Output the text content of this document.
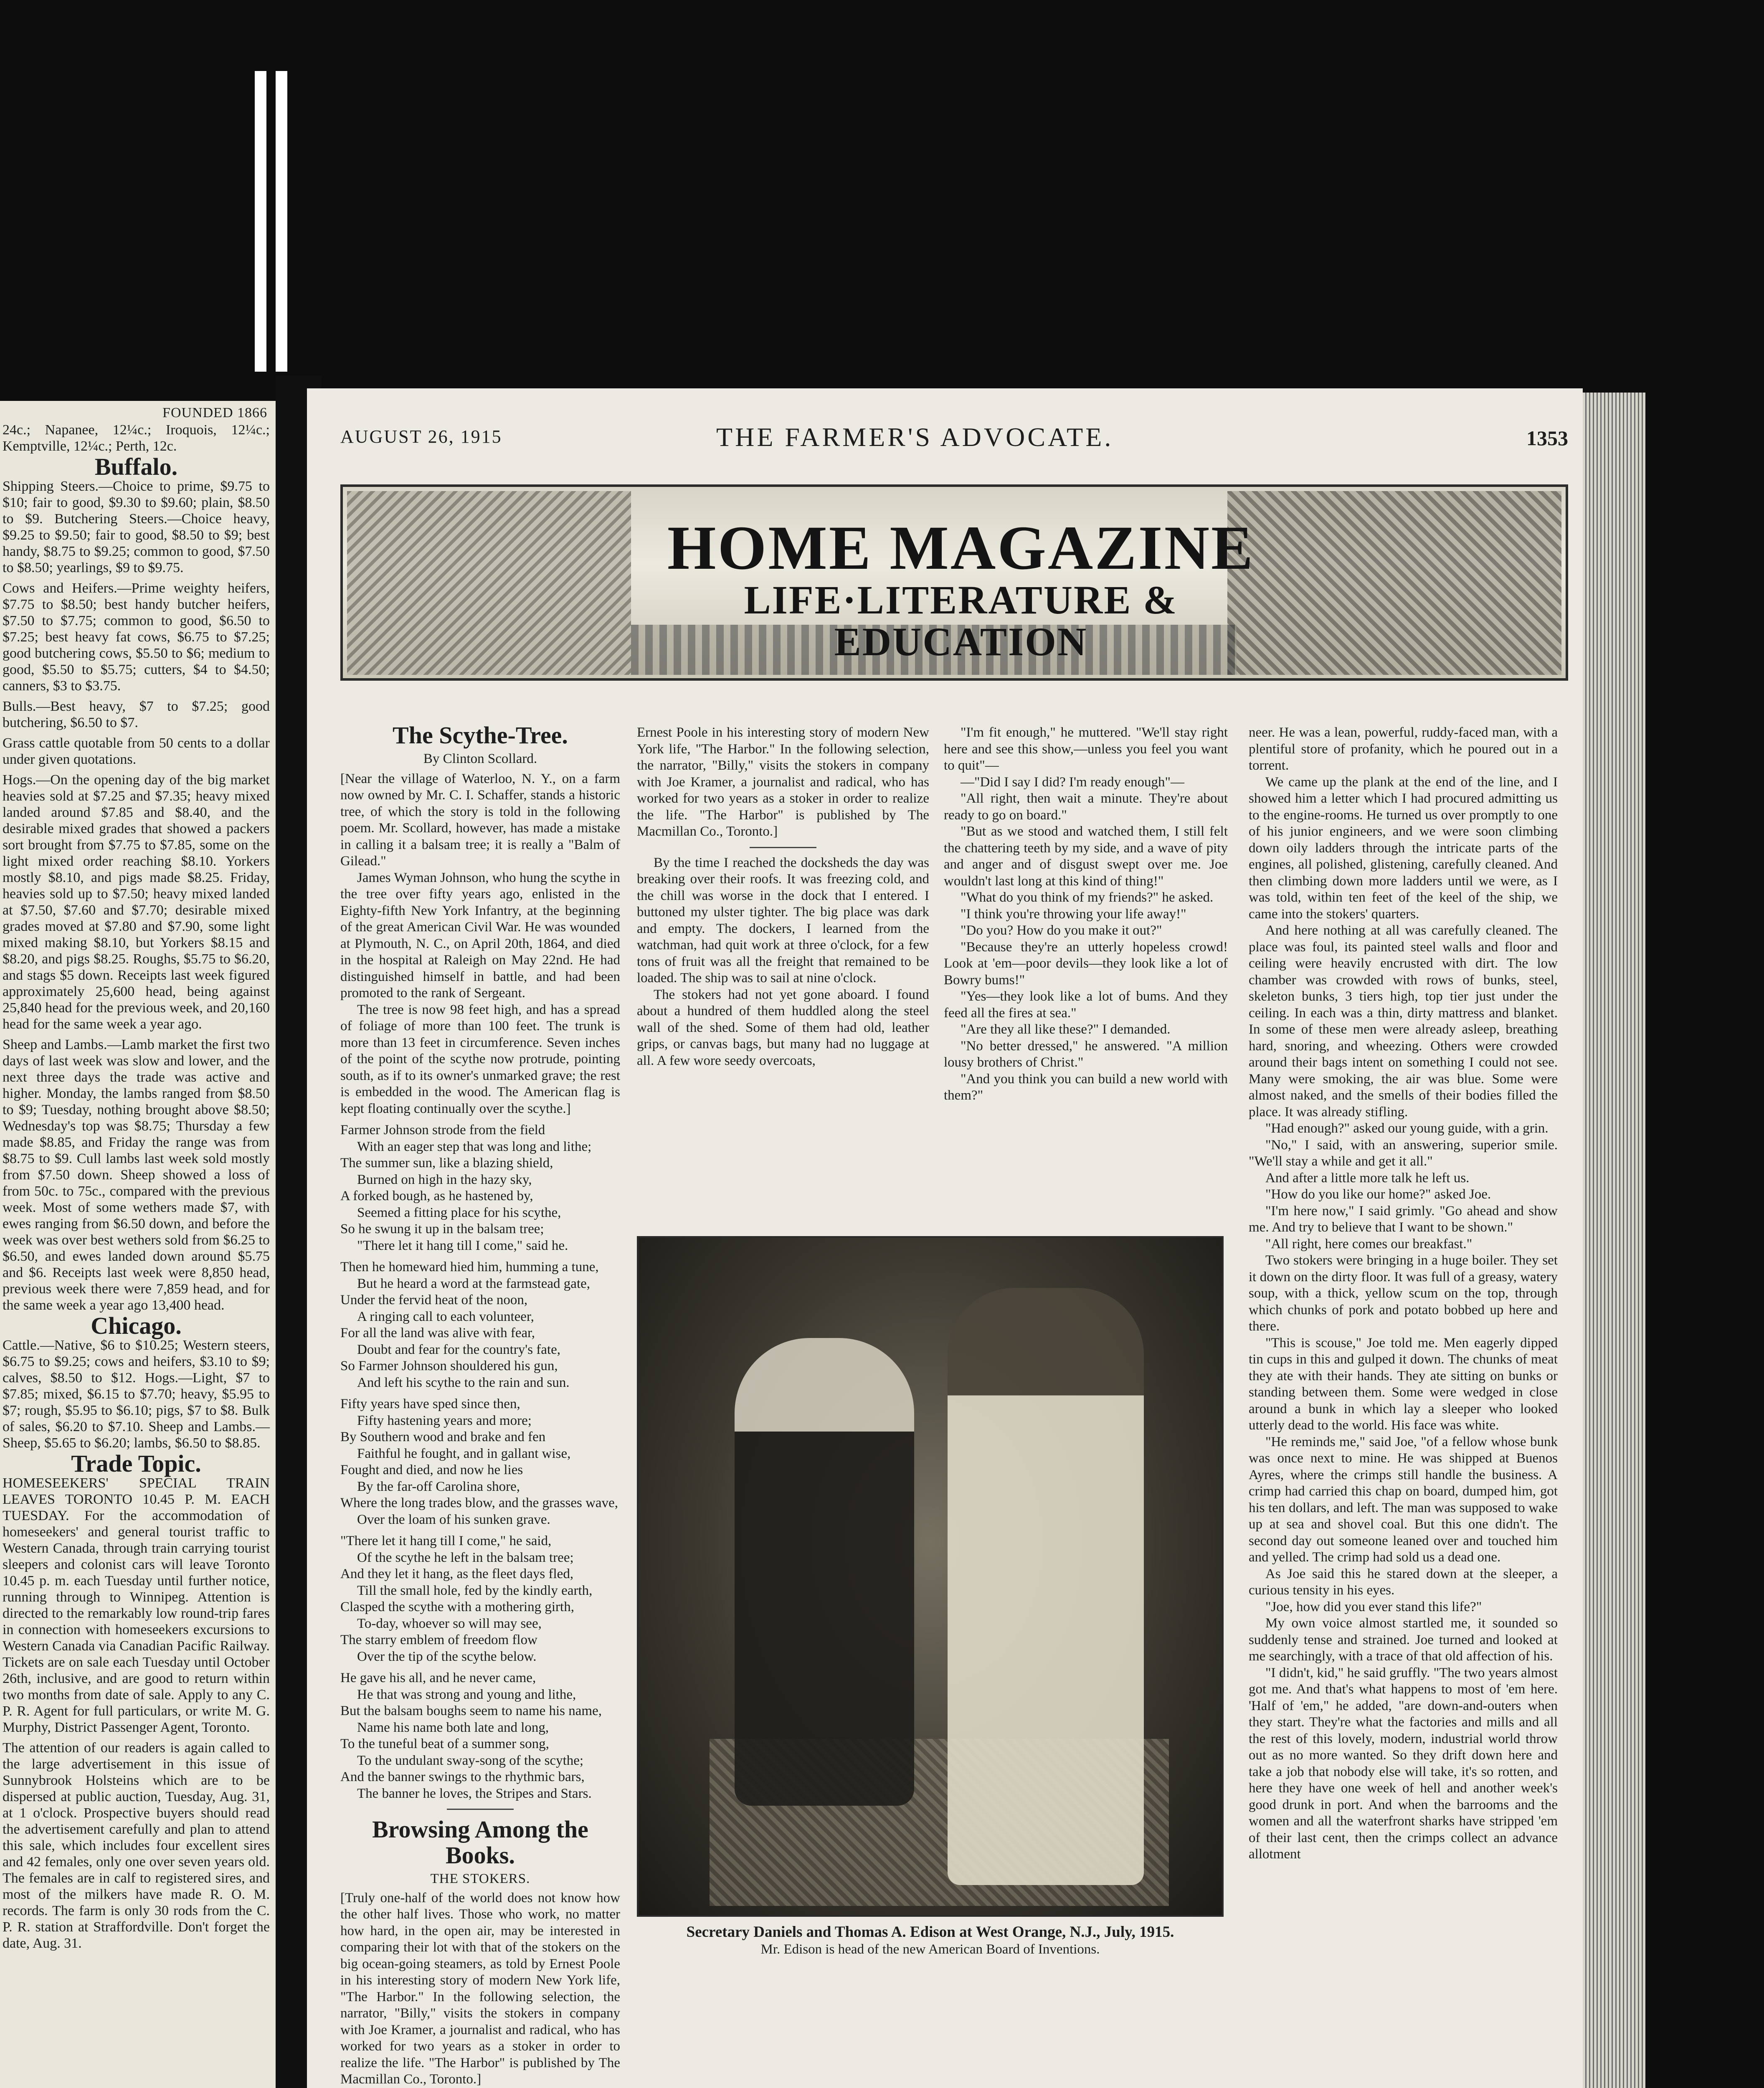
FOUNDED 1866

24c.; Napanee, 12¼c.; Iroquois, 12¼c.; Kemptville, 12¼c.; Perth, 12c.

Buffalo.

Shipping Steers.—Choice to prime, $9.75 to $10; fair to good, $9.30 to $9.60; plain, $8.50 to $9. Butchering Steers.—Choice heavy, $9.25 to $9.50; fair to good, $8.50 to $9; best handy, $8.75 to $9.25; common to good, $7.50 to $8.50; yearlings, $9 to $9.75.

Cows and Heifers.—Prime weighty heifers, $7.75 to $8.50; best handy butcher heifers, $7.50 to $7.75; common to good, $6.50 to $7.25; best heavy fat cows, $6.75 to $7.25; good butchering cows, $5.50 to $6; medium to good, $5.50 to $5.75; cutters, $4 to $4.50; canners, $3 to $3.75.

Bulls.—Best heavy, $7 to $7.25; good butchering, $6.50 to $7.

Grass cattle quotable from 50 cents to a dollar under given quotations.

Hogs.—On the opening day of the big market heavies sold at $7.25 and $7.35; heavy mixed landed around $7.85 and $8.40, and the desirable mixed grades that showed a packers sort brought from $7.75 to $7.85, some on the light mixed order reaching $8.10. Yorkers mostly $8.10, and pigs made $8.25. Friday, heavies sold up to $7.50; heavy mixed landed at $7.50, $7.60 and $7.70; desirable mixed grades moved at $7.80 and $7.90, some light mixed making $8.10, but Yorkers $8.15 and $8.20, and pigs $8.25. Roughs, $5.75 to $6.20, and stags $5 down. Receipts last week figured approximately 25,600 head, being against 25,840 head for the previous week, and 20,160 head for the same week a year ago.

Sheep and Lambs.—Lamb market the first two days of last week was slow and lower, and the next three days the trade was active and higher. Monday, the lambs ranged from $8.50 to $9; Tuesday, nothing brought above $8.50; Wednesday's top was $8.75; Thursday a few made $8.85, and Friday the range was from $8.75 to $9. Cull lambs last week sold mostly from $7.50 down. Sheep showed a loss of from 50c. to 75c., compared with the previous week. Most of some wethers made $7, with ewes ranging from $6.50 down, and before the week was over best wethers sold from $6.25 to $6.50, and ewes landed down around $5.75 and $6. Receipts last week were 8,850 head, previous week there were 7,859 head, and for the same week a year ago 13,400 head.

Chicago.

Cattle.—Native, $6 to $10.25; Western steers, $6.75 to $9.25; cows and heifers, $3.10 to $9; calves, $8.50 to $12. Hogs.—Light, $7 to $7.85; mixed, $6.15 to $7.70; heavy, $5.95 to $7; rough, $5.95 to $6.10; pigs, $7 to $8. Bulk of sales, $6.20 to $7.10. Sheep and Lambs.—Sheep, $5.65 to $6.20; lambs, $6.50 to $8.85.

Trade Topic.

HOMESEEKERS' SPECIAL TRAIN LEAVES TORONTO 10.45 P. M. EACH TUESDAY. For the accommodation of homeseekers' and general tourist traffic to Western Canada, through train carrying tourist sleepers and colonist cars will leave Toronto 10.45 p. m. each Tuesday until further notice, running through to Winnipeg. Attention is directed to the remarkably low round-trip fares in connection with homeseekers excursions to Western Canada via Canadian Pacific Railway. Tickets are on sale each Tuesday until October 26th, inclusive, and are good to return within two months from date of sale. Apply to any C. P. R. Agent for full particulars, or write M. G. Murphy, District Passenger Agent, Toronto.

The attention of our readers is again called to the large advertisement in this issue of Sunnybrook Holsteins which are to be dispersed at public auction, Tuesday, Aug. 31, at 1 o'clock. Prospective buyers should read the advertisement carefully and plan to attend this sale, which includes four excellent sires and 42 females, only one over seven years old. The females are in calf to registered sires, and most of the milkers have made R. O. M. records. The farm is only 30 rods from the C. P. R. station at Straffordville. Don't forget the date, Aug. 31.

AUGUST 26, 1915	THE FARMER'S ADVOCATE.	1353
HOME MAGAZINE
LIFE·LITERATURE &
EDUCATION
The Scythe-Tree.
By Clinton Scollard.

[Near the village of Waterloo, N. Y., on a farm now owned by Mr. C. I. Schaffer, stands a historic tree, of which the story is told in the following poem. Mr. Scollard, however, has made a mistake in calling it a balsam tree; it is really a "Balm of Gilead."

James Wyman Johnson, who hung the scythe in the tree over fifty years ago, enlisted in the Eighty-fifth New York Infantry, at the beginning of the great American Civil War. He was wounded at Plymouth, N. C., on April 20th, 1864, and died in the hospital at Raleigh on May 22nd. He had distinguished himself in battle, and had been promoted to the rank of Sergeant.

The tree is now 98 feet high, and has a spread of foliage of more than 100 feet. The trunk is more than 13 feet in circumference. Seven inches of the point of the scythe now protrude, pointing south, as if to its owner's unmarked grave; the rest is embedded in the wood. The American flag is kept floating continually over the scythe.]

Farmer Johnson strode from the field

With an eager step that was long and lithe;

The summer sun, like a blazing shield,

Burned on high in the hazy sky,

A forked bough, as he hastened by,

Seemed a fitting place for his scythe,

So he swung it up in the balsam tree;

"There let it hang till I come," said he.

Then he homeward hied him, humming a tune,

But he heard a word at the farmstead gate,

Under the fervid heat of the noon,

A ringing call to each volunteer,

For all the land was alive with fear,

Doubt and fear for the country's fate,

So Farmer Johnson shouldered his gun,

And left his scythe to the rain and sun.

Fifty years have sped since then,

Fifty hastening years and more;

By Southern wood and brake and fen

Faithful he fought, and in gallant wise,

Fought and died, and now he lies

By the far-off Carolina shore,

Where the long trades blow, and the grasses wave,

Over the loam of his sunken grave.

"There let it hang till I come," he said,

Of the scythe he left in the balsam tree;

And they let it hang, as the fleet days fled,

Till the small hole, fed by the kindly earth,

Clasped the scythe with a mothering girth,

To-day, whoever so will may see,

The starry emblem of freedom flow

Over the tip of the scythe below.

He gave his all, and he never came,

He that was strong and young and lithe,

But the balsam boughs seem to name his name,

Name his name both late and long,

To the tuneful beat of a summer song,

To the undulant sway-song of the scythe;

And the banner swings to the rhythmic bars,

The banner he loves, the Stripes and Stars.

Browsing Among the Books.
THE STOKERS.

[Truly one-half of the world does not know how the other half lives. Those who work, no matter how hard, in the open air, may be interested in comparing their lot with that of the stokers on the big ocean-going steamers, as told by Ernest Poole in his interesting story of modern New York life, "The Harbor." In the following selection, the narrator, "Billy," visits the stokers in company with Joe Kramer, a journalist and radical, who has worked for two years as a stoker in order to realize the life. "The Harbor" is published by The Macmillan Co., Toronto.]

Ernest Poole in his interesting story of modern New York life, "The Harbor." In the following selection, the narrator, "Billy," visits the stokers in company with Joe Kramer, a journalist and radical, who has worked for two years as a stoker in order to realize the life. "The Harbor" is published by The Macmillan Co., Toronto.]

By the time I reached the docksheds the day was breaking over their roofs. It was freezing cold, and the chill was worse in the dock that I entered. I buttoned my ulster tighter. The big place was dark and empty. The dockers, I learned from the watchman, had quit work at three o'clock, for a few tons of fruit was all the freight that remained to be loaded. The ship was to sail at nine o'clock.

The stokers had not yet gone aboard. I found about a hundred of them huddled along the steel wall of the shed. Some of them had old, leather grips, or canvas bags, but many had no luggage at all. A few wore seedy overcoats,

"I'm fit enough," he muttered. "We'll stay right here and see this show,—unless you feel you want to quit"—

—"Did I say I did? I'm ready enough"—

"All right, then wait a minute. They're about ready to go on board."

"But as we stood and watched them, I still felt the chattering teeth by my side, and a wave of pity and anger and of disgust swept over me. Joe wouldn't last long at this kind of thing!"

"What do you think of my friends?" he asked.

"I think you're throwing your life away!"

"Do you? How do you make it out?"

"Because they're an utterly hopeless crowd! Look at 'em—poor devils—they look like a lot of Bowry bums!"

"Yes—they look like a lot of bums. And they feed all the fires at sea."

"Are they all like these?" I demanded.

"No better dressed," he answered. "A million lousy brothers of Christ."

"And you think you can build a new world with them?"

Secretary Daniels and Thomas A. Edison at West Orange, N.J., July, 1915.
Mr. Edison is head of the new American Board of Inventions.

neer. He was a lean, powerful, ruddy-faced man, with a plentiful store of profanity, which he poured out in a torrent.

We came up the plank at the end of the line, and I showed him a letter which I had procured admitting us to the engine-rooms. He turned us over promptly to one of his junior engineers, and we were soon climbing down oily ladders through the intricate parts of the engines, all polished, glistening, carefully cleaned. And then climbing down more ladders until we were, as I was told, within ten feet of the keel of the ship, we came into the stokers' quarters.

And here nothing at all was carefully cleaned. The place was foul, its painted steel walls and floor and ceiling were heavily encrusted with dirt. The low chamber was crowded with rows of bunks, steel, skeleton bunks, 3 tiers high, top tier just under the ceiling. In each was a thin, dirty mattress and blanket. In some of these men were already asleep, breathing hard, snoring, and wheezing. Others were crowded around their bags intent on something I could not see. Many were smoking, the air was blue. Some were almost naked, and the smells of their bodies filled the place. It was already stifling.

"Had enough?" asked our young guide, with a grin.

"No," I said, with an answering, superior smile. "We'll stay a while and get it all."

And after a little more talk he left us.

"How do you like our home?" asked Joe.

"I'm here now," I said grimly. "Go ahead and show me. And try to believe that I want to be shown."

"All right, here comes our breakfast."

Two stokers were bringing in a huge boiler. They set it down on the dirty floor. It was full of a greasy, watery soup, with a thick, yellow scum on the top, through which chunks of pork and potato bobbed up here and there.

"This is scouse," Joe told me. Men eagerly dipped tin cups in this and gulped it down. The chunks of meat they ate with their hands. They ate sitting on bunks or standing between them. Some were wedged in close around a bunk in which lay a sleeper who looked utterly dead to the world. His face was white.

"He reminds me," said Joe, "of a fellow whose bunk was once next to mine. He was shipped at Buenos Ayres, where the crimps still handle the business. A crimp had carried this chap on board, dumped him, got his ten dollars, and left. The man was supposed to wake up at sea and shovel coal. But this one didn't. The second day out someone leaned over and touched him and yelled. The crimp had sold us a dead one.

As Joe said this he stared down at the sleeper, a curious tensity in his eyes.

"Joe, how did you ever stand this life?"

My own voice almost startled me, it sounded so suddenly tense and strained. Joe turned and looked at me searchingly, with a trace of that old affection of his.

"I didn't, kid," he said gruffly. "The two years almost got me. And that's what happens to most of 'em here. 'Half of 'em," he added, "are down-and-outers when they start. They're what the factories and mills and all the rest of this lovely, modern, industrial world throw out as no more wanted. So they drift down here and take a job that nobody else will take, it's so rotten, and here they have one week of hell and another week's good drunk in port. And when the barrooms and the women and all the waterfront sharks have stripped 'em of their last cent, then the crimps collect an advance allotment
